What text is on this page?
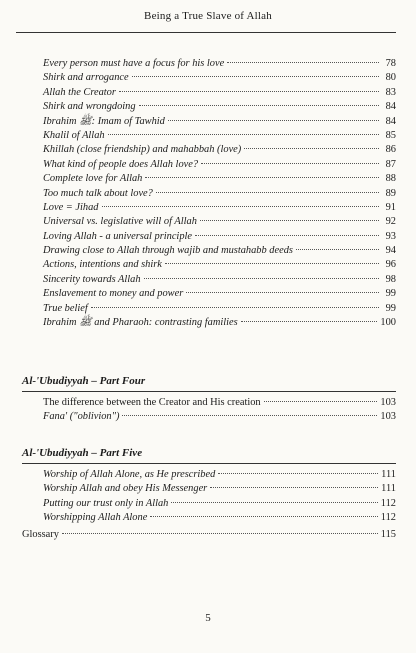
Being a True Slave of Allah
Every person must have a focus for his love	78
Shirk and arrogance	80
Allah the Creator	83
Shirk and wrongdoing	84
Ibrahim ﷺ: Imam of Tawhid	84
Khalil of Allah	85
Khillah (close friendship) and mahabbah (love)	86
What kind of people does Allah love?	87
Complete love for Allah	88
Too much talk about love?	89
Love = Jihad	91
Universal vs. legislative will of Allah	92
Loving Allah - a universal principle	93
Drawing close to Allah through wajib and mustahabb deeds	94
Actions, intentions and shirk	96
Sincerity towards Allah	98
Enslavement to money and power	99
True belief	99
Ibrahim ﷺ and Pharaoh: contrasting families	100
Al-'Ubudiyyah – Part Four
The difference between the Creator and His creation	103
Fana' ("oblivion")	103
Al-'Ubudiyyah – Part Five
Worship of Allah Alone, as He prescribed	111
Worship Allah and obey His Messenger	111
Putting our trust only in Allah	112
Worshipping Allah Alone	112
Glossary	115
5
